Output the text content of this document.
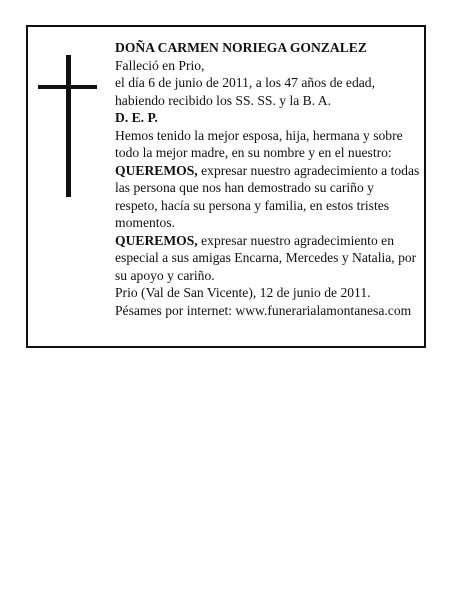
DOÑA CARMEN NORIEGA GONZALEZ

Falleció en Prio,

el día 6 de junio de 2011, a los 47 años de edad,

habiendo recibido los SS. SS. y la B. A.

D. E. P.

Hemos tenido la mejor esposa, hija, hermana y sobre todo la mejor madre, en su nombre y en el nuestro:

QUEREMOS, expresar nuestro agradecimiento a todas las persona que nos han demostrado su cariño y respeto, hacía su persona y familia, en estos tristes momentos.

QUEREMOS, expresar nuestro agradecimiento en especial a sus amigas Encarna, Mercedes y Natalia, por su apoyo y cariño.

Prio (Val de San Vicente), 12 de junio de 2011.

Pésames por internet: www.funerarialamontanesa.com
